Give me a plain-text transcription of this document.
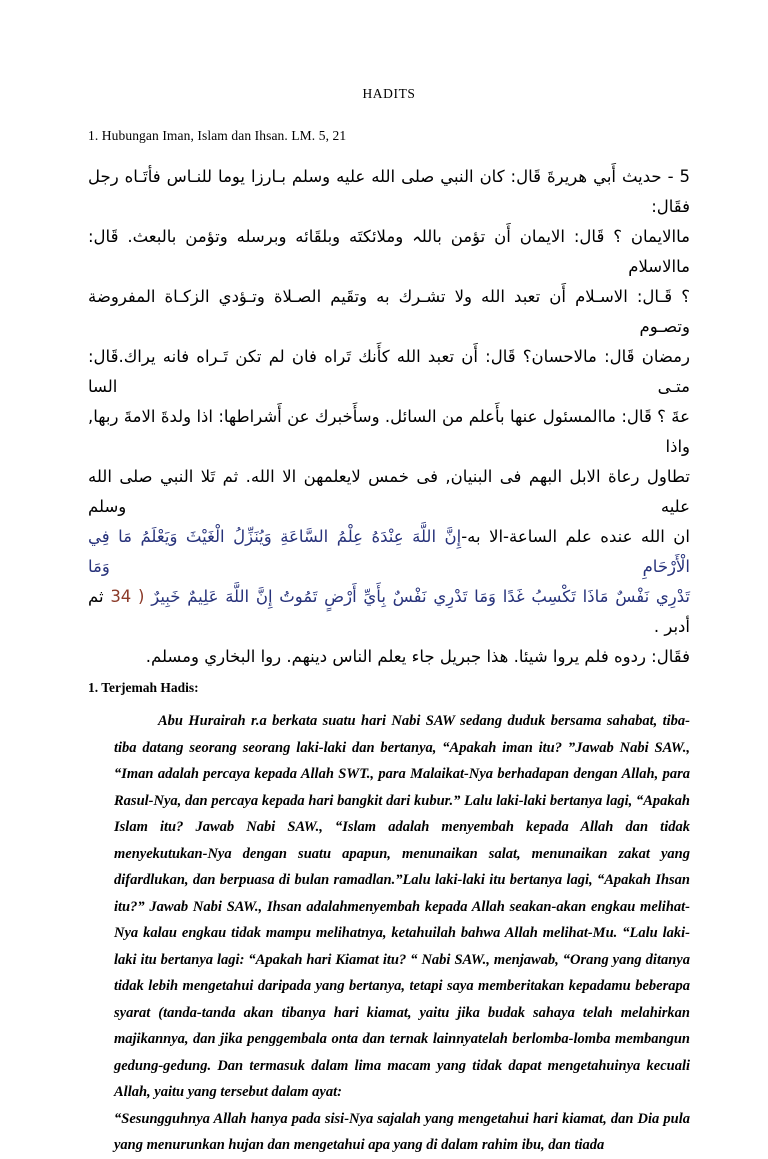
HADITS
1. Hubungan Iman, Islam dan Ihsan. LM. 5, 21

5 - حديث أَبي هريرةَ قَال: كان النبي صلى الله عليه وسلم بـارزا يوما للنـاس فأتَـاه رجل فقَال:

ماالايمان ؟ قَال: الايمان أَن تؤمن باللہ وملائكتَه وبلقَائه وبرسله وتؤمن بالبعث. قَال: ماالاسلام

؟ قَـال: الاسـلام أَن تعبد الله ولا تشـرك به وتقَيم الصـلاة وتـؤدي الزكـاة المفروضة وتصـوم

رمضان قَال: مالاحسان؟ قَال: أَن تعبد الله كأَنك تَراه فان لم تكن تَـراه فانه يراك.قَال: متـى السا

عةَ ؟ قَال: ماالمسئول عنها بأَعلم من السائل. وسأَخبرك عن أَشراطها: اذا ولدةَ الامةَ ربها, واذا

تطاول رعاة الابل البهم فى البنيان, فى خمس لايعلمهن الا الله. ثم تَلا النبي صلى الله عليه وسلم

ان الله عنده علم الساعة-الا به-إِنَّ اللَّهَ عِنْدَهُ عِلْمُ السَّاعَةِ وَيُنَزِّلُ الْغَيْثَ وَيَعْلَمُ مَا فِي الْأَرْحَامِ وَمَا

تَدْرِي نَفْسٌ مَاذَا تَكْسِبُ غَدًا وَمَا تَدْرِي نَفْسٌ بِأَيِّ أَرْضٍ تَمُوتُ إِنَّ اللَّهَ عَلِيمٌ خَبِيرٌ ( 34 ثم أدبر .

فقَال: ردوه فلم يروا شيئا. هذا جبريل جاء يعلم الناس دينهم. روا البخاري ومسلم.

1. Terjemah Hadis:

Abu Hurairah r.a berkata suatu hari Nabi SAW sedang duduk bersama sahabat, tiba-tiba datang seorang seorang laki-laki dan bertanya, “Apakah iman itu? ”Jawab Nabi SAW., “Iman adalah percaya kepada Allah SWT., para Malaikat-Nya berhadapan dengan Allah, para Rasul-Nya, dan percaya kepada hari bangkit dari kubur.” Lalu laki-laki bertanya lagi, “Apakah Islam itu? Jawab Nabi SAW., “Islam adalah menyembah kepada Allah dan tidak menyekutukan-Nya dengan suatu apapun, menunaikan salat, menunaikan zakat yang difardlukan, dan berpuasa di bulan ramadlan.”Lalu laki-laki itu bertanya lagi, “Apakah Ihsan itu?” Jawab Nabi SAW., Ihsan adalahmenyembah kepada Allah seakan-akan engkau melihat-Nya kalau engkau tidak mampu melihatnya, ketahuilah bahwa Allah melihat-Mu. “Lalu laki-laki itu bertanya lagi: “Apakah hari Kiamat itu? “ Nabi SAW., menjawab, “Orang yang ditanya tidak lebih mengetahui daripada yang bertanya, tetapi saya memberitakan kepadamu beberapa syarat (tanda-tanda akan tibanya hari kiamat, yaitu jika budak sahaya telah melahirkan majikannya, dan jika penggembala onta dan ternak lainnyatelah berlomba-lomba membangun gedung-gedung. Dan termasuk dalam lima macam yang tidak dapat mengetahuinya kecuali Allah, yaitu yang tersebut dalam ayat:

“Sesungguhnya Allah hanya pada sisi-Nya sajalah yang mengetahui hari kiamat, dan Dia pula yang menurunkan hujan dan mengetahui apa yang di dalam rahim ibu, dan tiada
